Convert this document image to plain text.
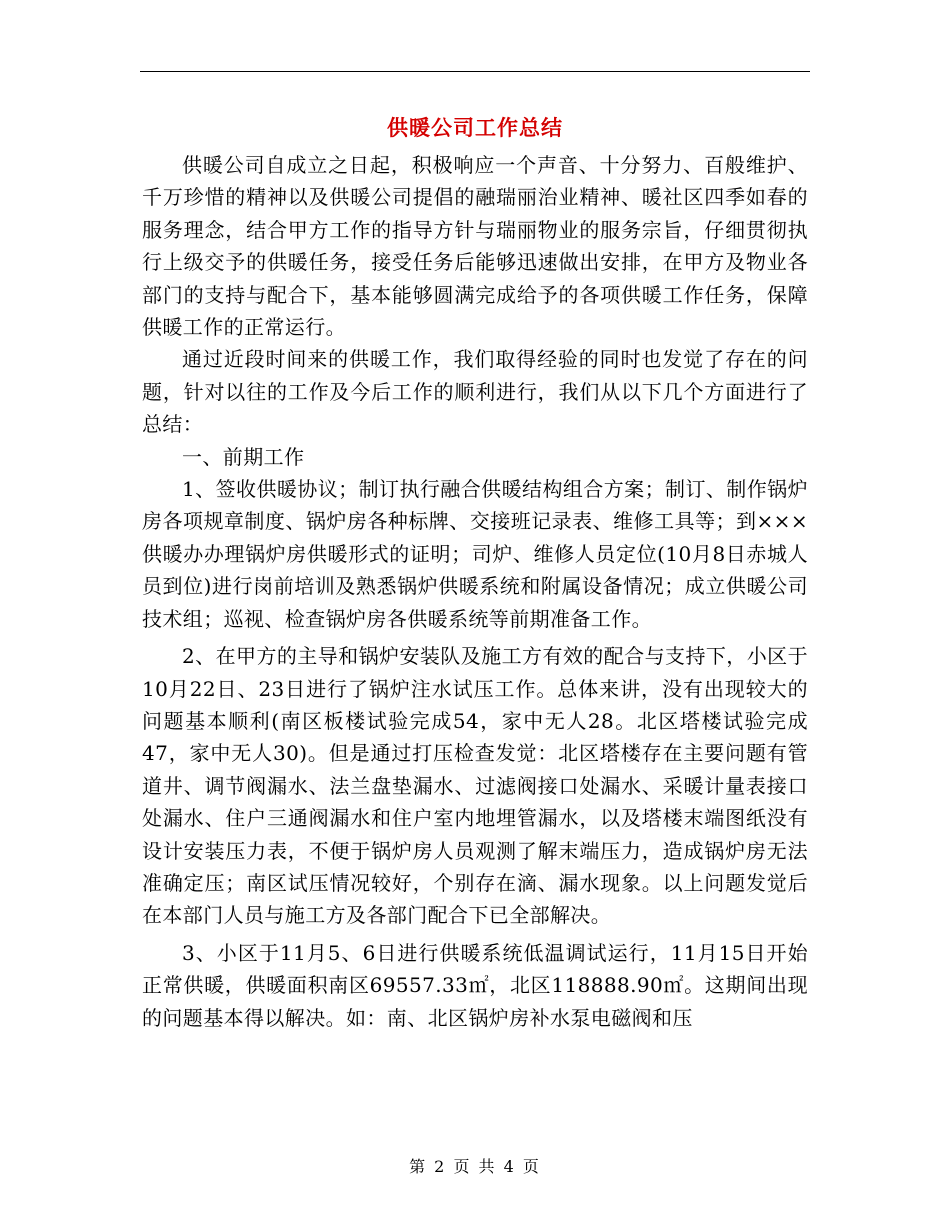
供暖公司工作总结

供暖公司自成立之日起，积极响应一个声音、十分努力、百般维护、千万珍惜的精神以及供暖公司提倡的融瑞丽治业精神、暖社区四季如春的服务理念，结合甲方工作的指导方针与瑞丽物业的服务宗旨，仔细贯彻执行上级交予的供暖任务，接受任务后能够迅速做出安排，在甲方及物业各部门的支持与配合下，基本能够圆满完成给予的各项供暖工作任务，保障供暖工作的正常运行。

通过近段时间来的供暖工作，我们取得经验的同时也发觉了存在的问题，针对以往的工作及今后工作的顺利进行，我们从以下几个方面进行了总结：

一、前期工作

1、签收供暖协议；制订执行融合供暖结构组合方案；制订、制作锅炉房各项规章制度、锅炉房各种标牌、交接班记录表、维修工具等；到×××供暖办办理锅炉房供暖形式的证明；司炉、维修人员定位(10月8日赤城人员到位)进行岗前培训及熟悉锅炉供暖系统和附属设备情况；成立供暖公司技术组；巡视、检查锅炉房各供暖系统等前期准备工作。

2、在甲方的主导和锅炉安装队及施工方有效的配合与支持下，小区于10月22日、23日进行了锅炉注水试压工作。总体来讲，没有出现较大的问题基本顺利(南区板楼试验完成54，家中无人28。北区塔楼试验完成47，家中无人30)。但是通过打压检查发觉：北区塔楼存在主要问题有管道井、调节阀漏水、法兰盘垫漏水、过滤阀接口处漏水、采暖计量表接口处漏水、住户三通阀漏水和住户室内地埋管漏水，以及塔楼末端图纸没有设计安装压力表，不便于锅炉房人员观测了解末端压力，造成锅炉房无法准确定压；南区试压情况较好，个别存在滴、漏水现象。以上问题发觉后在本部门人员与施工方及各部门配合下已全部解决。

3、小区于11月5、6日进行供暖系统低温调试运行，11月15日开始正常供暖，供暖面积南区69557.33㎡，北区118888.90㎡。这期间出现的问题基本得以解决。如：南、北区锅炉房补水泵电磁阀和压

第 2 页 共 4 页
